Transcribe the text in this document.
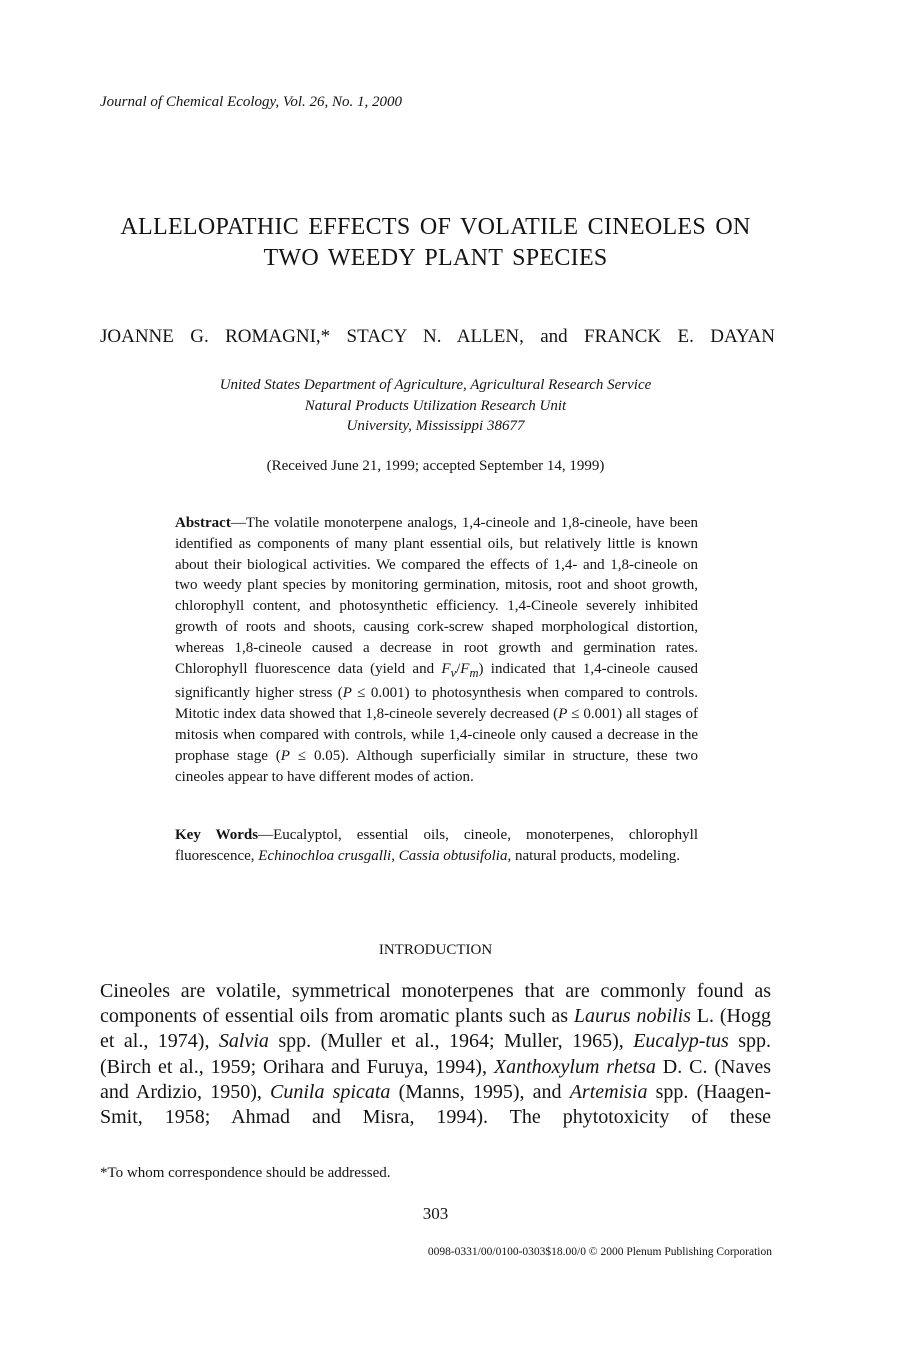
Journal of Chemical Ecology, Vol. 26, No. 1, 2000
ALLELOPATHIC EFFECTS OF VOLATILE CINEOLES ON
TWO WEEDY PLANT SPECIES
JOANNE G. ROMAGNI,* STACY N. ALLEN, and FRANCK E. DAYAN
United States Department of Agriculture, Agricultural Research Service
Natural Products Utilization Research Unit
University, Mississippi 38677
(Received June 21, 1999; accepted September 14, 1999)
Abstract—The volatile monoterpene analogs, 1,4-cineole and 1,8-cineole, have been identified as components of many plant essential oils, but relatively little is known about their biological activities. We compared the effects of 1,4- and 1,8-cineole on two weedy plant species by monitoring germination, mitosis, root and shoot growth, chlorophyll content, and photosynthetic efficiency. 1,4-Cineole severely inhibited growth of roots and shoots, causing cork-screw shaped morphological distortion, whereas 1,8-cineole caused a decrease in root growth and germination rates. Chlorophyll fluorescence data (yield and $F_v/F_m$) indicated that 1,4-cineole caused significantly higher stress (P ≤ 0.001) to photosynthesis when compared to controls. Mitotic index data showed that 1,8-cineole severely decreased (P ≤ 0.001) all stages of mitosis when compared with controls, while 1,4-cineole only caused a decrease in the prophase stage (P ≤ 0.05). Although superficially similar in structure, these two cineoles appear to have different modes of action.
Key Words—Eucalyptol, essential oils, cineole, monoterpenes, chlorophyll fluorescence, Echinochloa crusgalli, Cassia obtusifolia, natural products, modeling.
INTRODUCTION
Cineoles are volatile, symmetrical monoterpenes that are commonly found as components of essential oils from aromatic plants such as Laurus nobilis L. (Hogg et al., 1974), Salvia spp. (Muller et al., 1964; Muller, 1965), Eucalyp-tus spp. (Birch et al., 1959; Orihara and Furuya, 1994), Xanthoxylum rhetsa D. C. (Naves and Ardizio, 1950), Cunila spicata (Manns, 1995), and Artemisia spp. (Haagen-Smit, 1958; Ahmad and Misra, 1994). The phytotoxicity of these
*To whom correspondence should be addressed.
303
0098-0331/00/0100-0303$18.00/0 © 2000 Plenum Publishing Corporation
